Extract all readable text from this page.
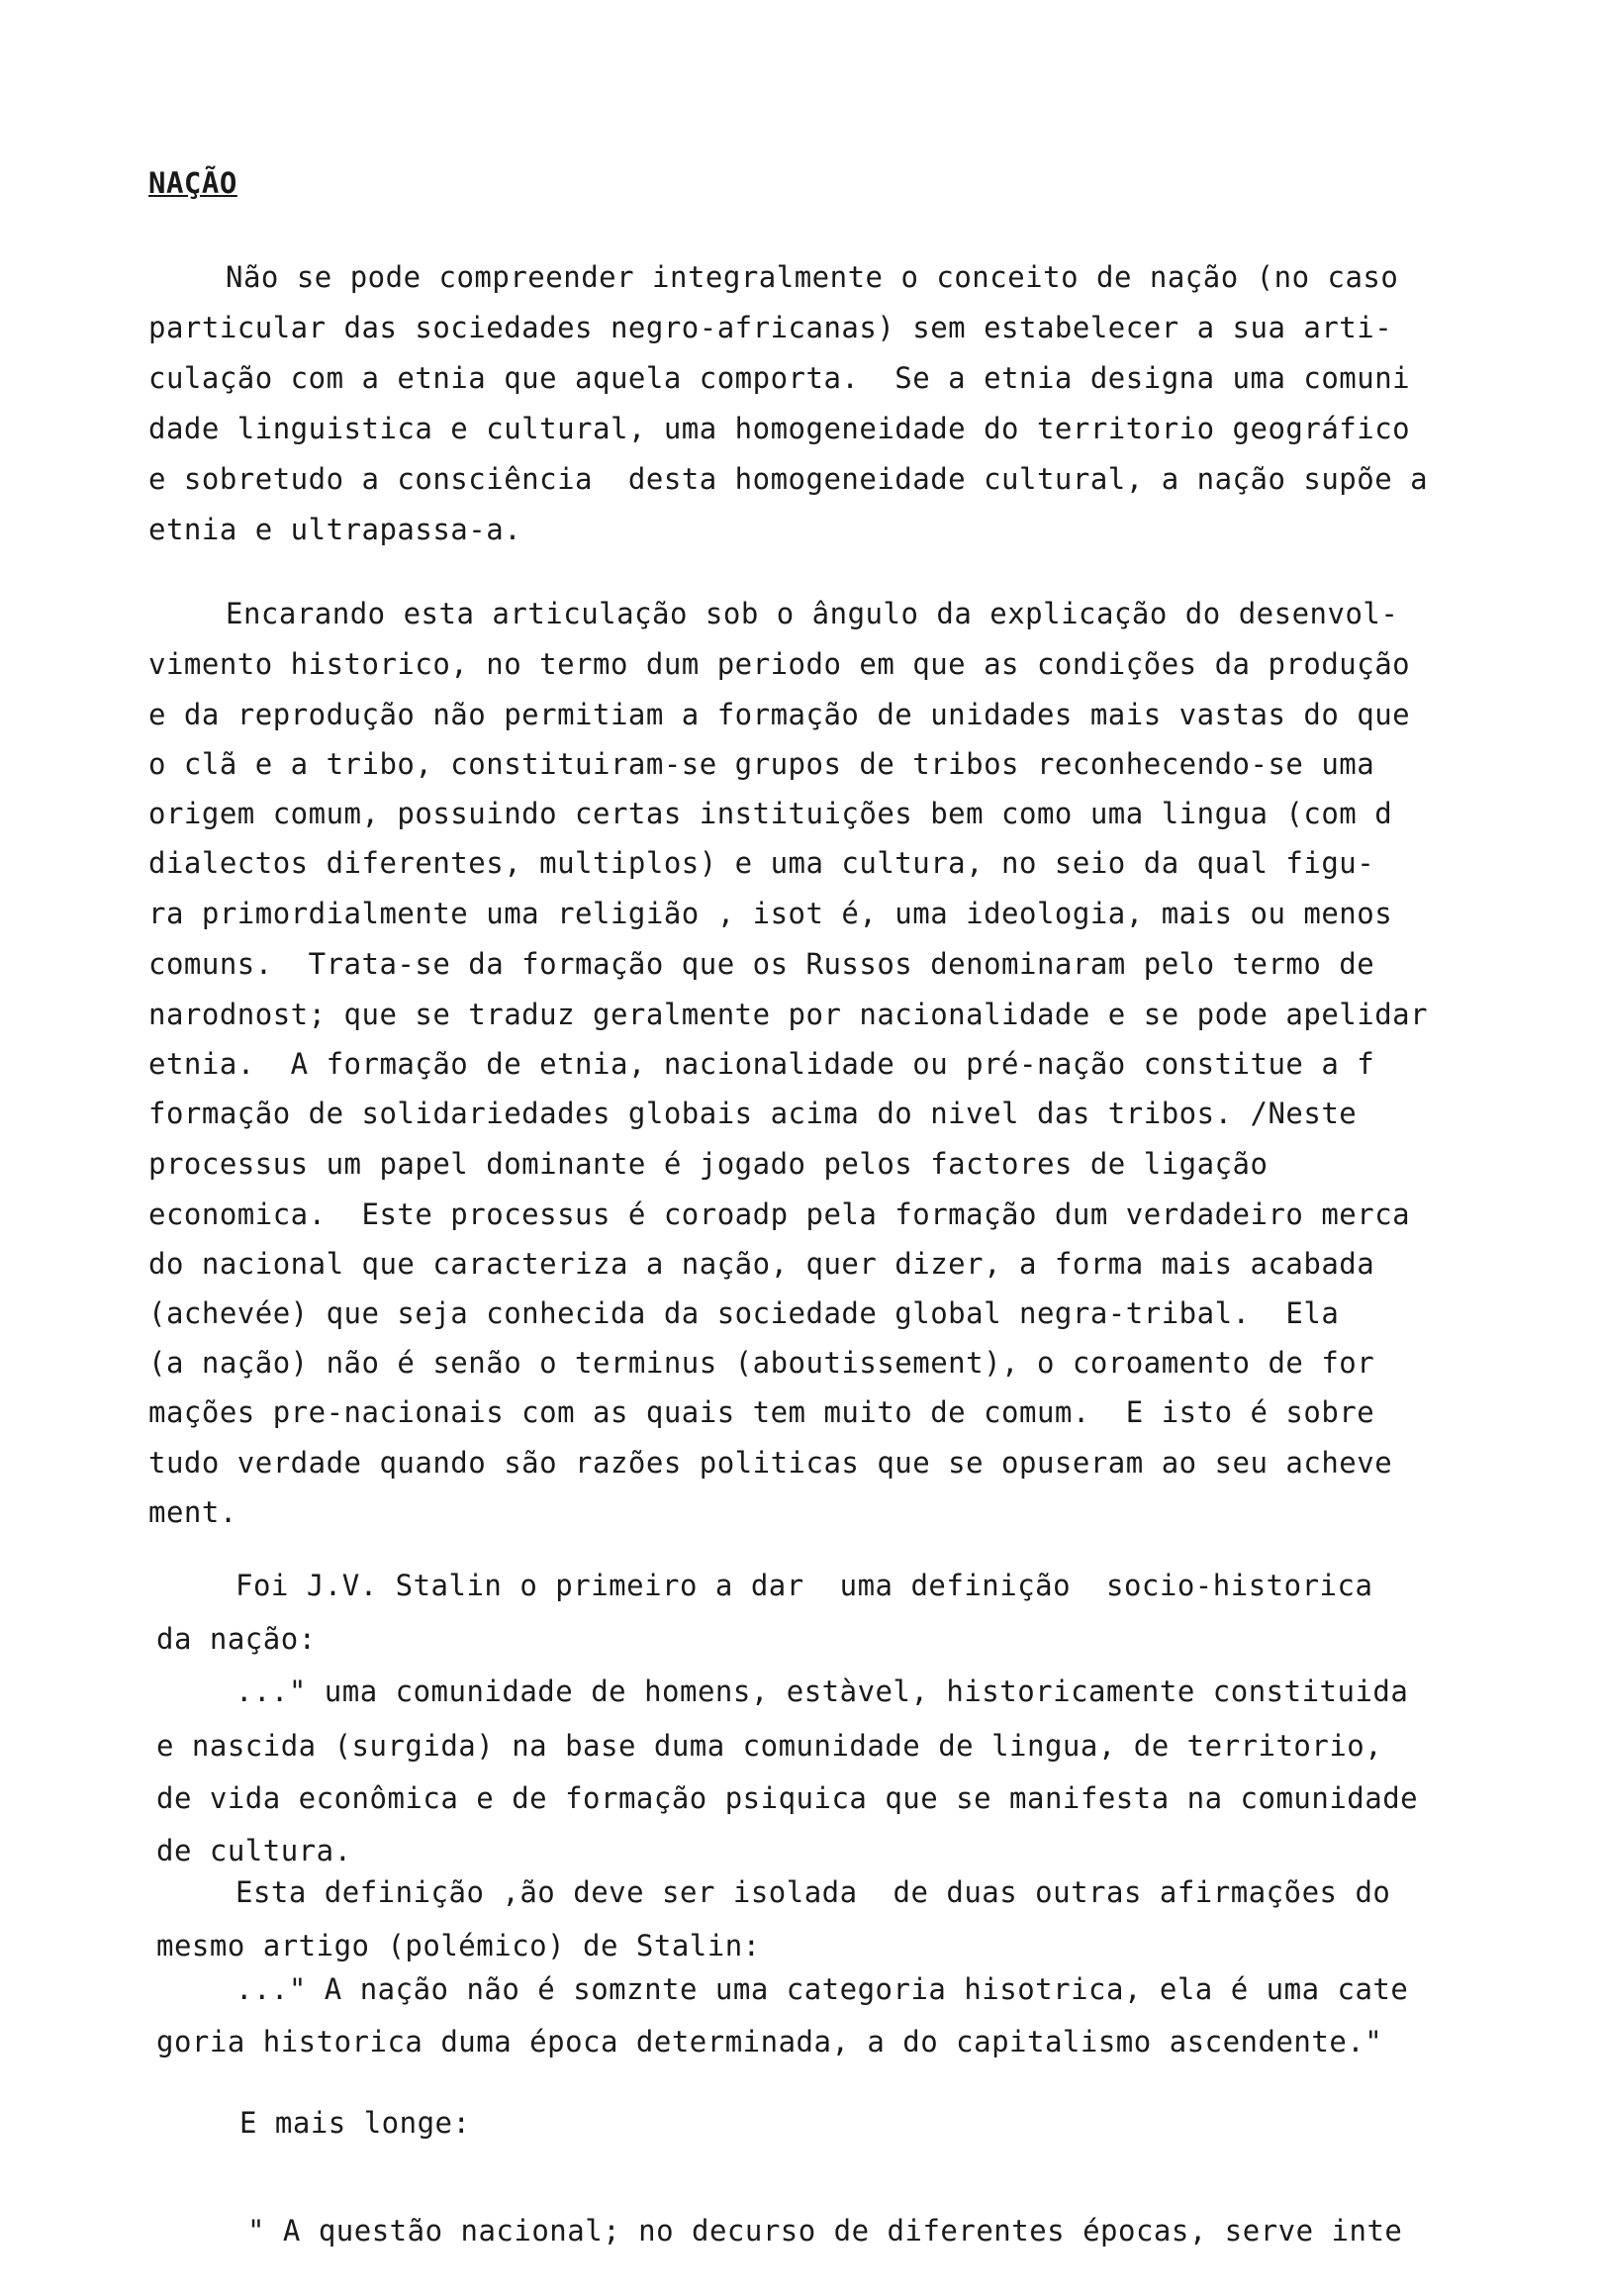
NAÇÃO
Não se pode compreender integralmente o conceito de nação (no caso
particular das sociedades negro-africanas) sem estabelecer a sua arti-
culação com a etnia que aquela comporta.  Se a etnia designa uma comuni
dade linguistica e cultural, uma homogeneidade do territorio geográfico
e sobretudo a consciência  desta homogeneidade cultural, a nação supõe a
etnia e ultrapassa-a.
Encarando esta articulação sob o ângulo da explicação do desenvol-
vimento historico, no termo dum periodo em que as condições da produção
e da reprodução não permitiam a formação de unidades mais vastas do que
o clã e a tribo, constituiram-se grupos de tribos reconhecendo-se uma
origem comum, possuindo certas instituições bem como uma lingua (com d
dialectos diferentes, multiplos) e uma cultura, no seio da qual figu-
ra primordialmente uma religião , isot é, uma ideologia, mais ou menos
comuns.  Trata-se da formação que os Russos denominaram pelo termo de
narodnost; que se traduz geralmente por nacionalidade e se pode apelidar
etnia.  A formação de etnia, nacionalidade ou pré-nação constitue a f
formação de solidariedades globais acima do nivel das tribos. /Neste
processus um papel dominante é jogado pelos factores de ligação
economica.  Este processus é coroadp pela formação dum verdadeiro merca
do nacional que caracteriza a nação, quer dizer, a forma mais acabada
(achevée) que seja conhecida da sociedade global negra-tribal.  Ela
(a nação) não é senão o terminus (aboutissement), o coroamento de for
mações pre-nacionais com as quais tem muito de comum.  E isto é sobre
tudo verdade quando são razões politicas que se opuseram ao seu acheve
ment.
Foi J.V. Stalin o primeiro a dar  uma definição  socio-historica
da nação:
..." uma comunidade de homens, estàvel, historicamente constituida
e nascida (surgida) na base duma comunidade de lingua, de territorio,
de vida econômica e de formação psiquica que se manifesta na comunidade
de cultura.
Esta definição ,ão deve ser isolada  de duas outras afirmações do
mesmo artigo (polémico) de Stalin:
..." A nação não é somznte uma categoria hisotrica, ela é uma cate
goria historica duma época determinada, a do capitalismo ascendente."
E mais longe:
" A questão nacional; no decurso de diferentes épocas, serve inte
